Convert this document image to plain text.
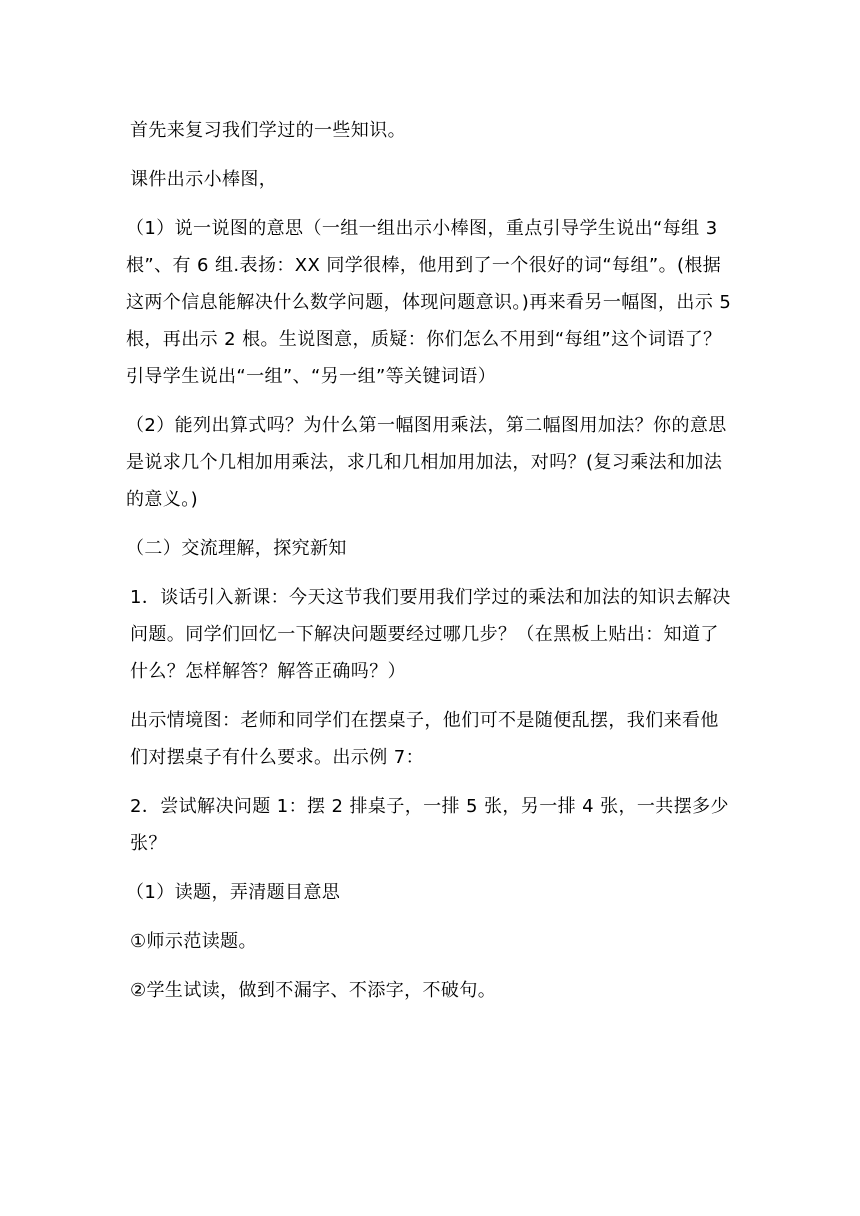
首先来复习我们学过的一些知识。

课件出示小棒图，

（1）说一说图的意思（一组一组出示小棒图，重点引导学生说出“每组 3 根”、有 6 组.表扬：XX 同学很棒，他用到了一个很好的词“每组”。(根据这两个信息能解决什么数学问题，体现问题意识。)再来看另一幅图，出示 5 根，再出示 2 根。生说图意，质疑：你们怎么不用到“每组”这个词语了？引导学生说出“一组”、“另一组”等关键词语）

（2）能列出算式吗？为什么第一幅图用乘法，第二幅图用加法？你的意思是说求几个几相加用乘法，求几和几相加用加法，对吗？(复习乘法和加法的意义。)

（二）交流理解，探究新知

1．谈话引入新课：今天这节我们要用我们学过的乘法和加法的知识去解决问题。同学们回忆一下解决问题要经过哪几步？（在黑板上贴出：知道了什么？怎样解答？解答正确吗？）

出示情境图：老师和同学们在摆桌子，他们可不是随便乱摆，我们来看他们对摆桌子有什么要求。出示例 7：

2．尝试解决问题 1：摆 2 排桌子，一排 5 张，另一排 4 张，一共摆多少张？

（1）读题，弄清题目意思

①师示范读题。

②学生试读，做到不漏字、不添字，不破句。
